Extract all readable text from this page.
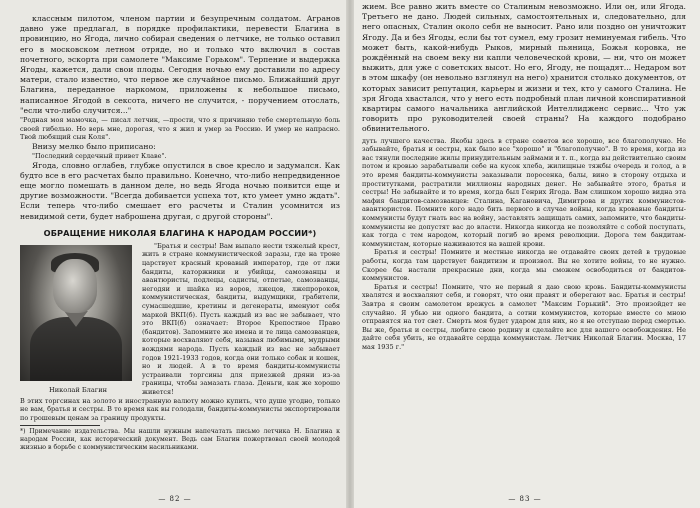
классным пилотом, членом партии и безупречным солдатом. Агранов давно уже предлагал, в порядке профилактики, перевести Благина в провинцию, но Ягода, лично собирая сведения о летчике, не только оставил его в московском летном отряде, но и только что включил в состав почетного, эскорта при самолете "Максиме Горьком". Терпение и выдержка Ягоды, кажется, дали свои плоды. Сегодня ночью ему доставили по адресу матери, стало известно, что первое же случайное письмо. Ближайший друг Благина, переданное наркомом, приложены к небольшое письмо, написанное Ягодой в сексота, ничего не случится, - поручением отослать, "если что-либо случится..."

"Родная моя мамочка, — писал летчик, —прости, что я причиняю тебе смертельную боль своей гибелью. Но верь мне, дорогая, что я жил и умер за Россию. И умер не напрасно. Твой любящий сын Коля".

Внизу мелко было приписано:

"Последний сердечный привет Клаве".

Ягода, словно оглабев, глубже опустился в свое кресло и задумался. Как будто все в его расчетах было правильно. Конечно, что-либо непредвиденное еще могло помешать в данном деле, но ведь Ягода ночью появится еще и другие возможности. "Всегда добивается успеха тот, кто умеет умно ждать". Если теперь что-либо смешает его расчеты и Сталин усомнится из невидимой сети, будет наброшена другая, с другой стороны".

ОБРАЩЕНИЕ НИКОЛАЯ БЛАГИНА К НАРОДАМ РОССИИ*)
Николай Благин

"Братья и сестры! Вам выпало нести тяжелый крест, жить в стране коммунистической заразы, где на троне царствует красный кровавый император, где от лжи бандиты, каторжники и убийцы, самозванцы и авантюристы, подлецы, садисты, отпетые, самозванцы, негодяи и шайка из воров, лжецов, лжепророков, коммунистическая, бандиты, выдумщики, грабители, сумасшедшие, кретины и дегенераты, именуют себя маркой ВКП(б). Пусть каждый из вас не забывает, что это ВКП(б) означает: Второе Крепостное Право (бандитов). Запомните же имена и те лица самозванцев, которые восхваляют себя, называя любимыми, мудрыми вождями народа. Пусть каждый из вас не забывает годов 1921-1933 годов, когда они только собак и кошек, но и людей. А в то время бандиты-коммунисты устраивали торгсины для приезжей дряни из-за границы, чтобы замазать глаза. Деньги, как же хорошо живется!

В этих торгсинах на золото и иностранную валюту можно купить, что душе угодно, только не вам, братья и сестры. В то время как вы голодали, бандиты-коммунисты экспортировали по грошевым ценам за границу продукты.

*) Примечание издательства. Мы нашли нужным напечатать письмо летчика Н. Благина к народам России, как исторический документ. Ведь сам Благин пожертвовал своей молодой жизнью в борьбе с коммунистическим насильниками.

— 82 —

жием. Все равно жить вместе со Сталиным невозможно. Или он, или Ягода. Третьего не дано. Людей сильных, самостоятельных и, следовательно, для него опасных, Сталин около себя не выносит. Рано или поздно он уничтожит Ягоду. Да и без Ягоды, если бы тот сумел, ему грозит неминуемая гибель. Что может быть, какой-нибудь Рыков, мирный пьяница, Божья коровка, не рождённый на своем веку ни капли человеческой крови, — ни, что он может выжить, для уже с советских высот. Но его, Ягоду, не пощадят... Недаром вот в этом шкафу (он невольно взглянул на него) хранится столько документов, от которых зависит репутация, карьеры и жизни и тех, кто у самого Сталина. Не зря Ягода хвастался, что у него есть подробный план личной конспиративной квартиры самого начальника английской Интеллидженс сервис... Что уж говорить про руководителей своей страны? На каждого подобрано обвинительного.

дуть лучшего качества. Якобы здесь в стране советов все хорошо, все благополучно. Не забывайте, братья и сестры, как было все "хорошо" и "благополучно". В то время, когда из вас тянули последние жилы принудительным займами и т. п., когда вы действительно своим потом и кровью зарабатывали себе на кусок хлеба, жилищные тяжбы очередь и голод, а в это время бандиты-коммунисты заказывали поросенка, балы, вино в сторону отдыха и проститутками, растратили миллионы народных денег. Не забывайте этого, братья и сестры! Не забывайте и то время, когда был Генрих Ягода. Вам слишком хорошо видна эта мафия бандитов-самозванцев: Сталина, Кагановича, Димитрова и других коммунистов-авантюристов. Помните кого надо бить первого в случае войны, когда кровавые бандиты-коммунисты будут гнать вас на войну, заставлять защищать самих, запомните, что бандиты-коммунисты не допустят вас до власти. Никогда никогда не позволяйте с собой поступать, как тогда с тем народом, который погиб во время революции. Дорога тем бандитам-коммунистам, которые наживаются на вашей крови.

Братья и сестры! Помните и местные никогда не отдавайте своих детей в трудовые работы, когда там царствует бандитизм и произвол. Вы не хотите войны, то не нужно. Скорее бы настали прекрасные дни, когда мы сможем освободиться от бандитов-коммунистов.

Братья и сестры! Помните, что не первый я даю свою кровь. Бандиты-коммунисты хвалятся и восхваляют себя, и говорят, что они правят и оберегают вас. Братья и сестры! Завтра я своим самолетом врежусь в самолет "Максим Горький". Это произойдет не случайно. Я убью ни одного бандита, а сотни коммунистов, которые вместе со мною отправятся на тот свет. Смерть моя будет ударом для них, но я не отступаю перед смертью. Вы же, братья и сестры, любите свою родину и сделайте все для вашего освобождения. Не дайте себя убить, не отдавайте сердца коммунистам. Летчик Николай Благин. Москва, 17 мая 1935 г."

— 83 —
